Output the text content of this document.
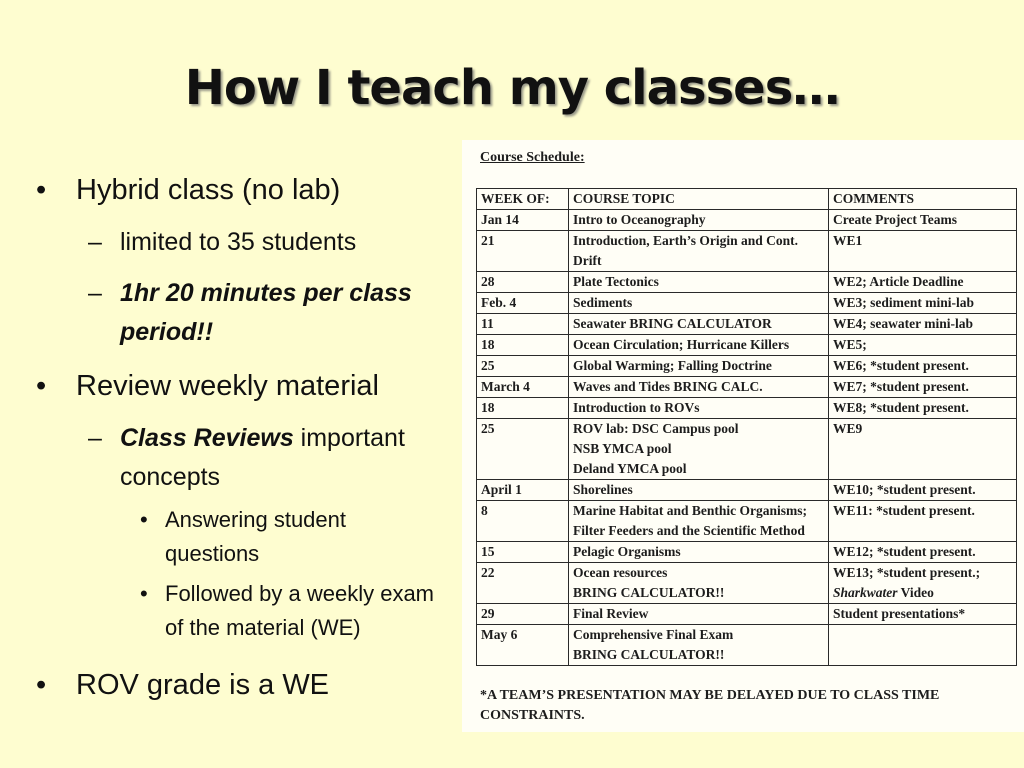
How I teach my classes…
• Hybrid class (no lab)
– limited to 35 students
– 1hr 20 minutes per class period!!
• Review weekly material
– Class Reviews important concepts
• Answering student questions
• Followed by a weekly exam of the material (WE)
• ROV grade is a WE
Course Schedule:
WEEK OF:	COURSE TOPIC	COMMENTS
Jan 14	Intro to Oceanography	Create Project Teams
21	Introduction, Earth’s Origin and Cont. Drift	WE1
28	Plate Tectonics	WE2; Article Deadline
Feb. 4	Sediments	WE3; sediment mini-lab
11	Seawater BRING CALCULATOR	WE4; seawater mini-lab
18	Ocean Circulation; Hurricane Killers	WE5;
25	Global Warming; Falling Doctrine	WE6; *student present.
March 4	Waves and Tides BRING CALC.	WE7; *student present.
18	Introduction to ROVs	WE8; *student present.
25	ROV lab: DSC Campus pool
NSB YMCA pool
Deland YMCA pool	WE9
April 1	Shorelines	WE10; *student present.
8	Marine Habitat and Benthic Organisms; Filter Feeders and the Scientific Method	WE11: *student present.
15	Pelagic Organisms	WE12; *student present.
22	Ocean resources
BRING CALCULATOR!!	WE13; *student present.;
Sharkwater Video
29	Final Review	Student presentations*
May 6	Comprehensive Final Exam
BRING CALCULATOR!!	
*A TEAM’S PRESENTATION MAY BE DELAYED DUE TO CLASS TIME CONSTRAINTS.
